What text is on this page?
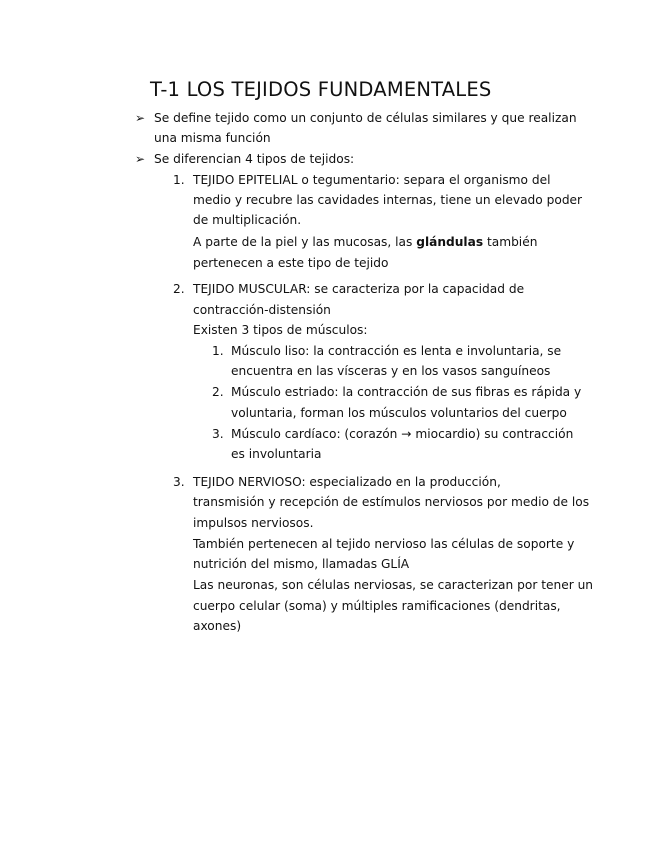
T-1 LOS TEJIDOS FUNDAMENTALES
➢ Se define tejido como un conjunto de células similares y que realizan
una misma función
➢ Se diferencian 4 tipos de tejidos:
1. TEJIDO EPITELIAL o tegumentario: separa el organismo del
medio y recubre las cavidades internas, tiene un elevado poder
de multiplicación.
A parte de la piel y las mucosas, las glándulas también
pertenecen a este tipo de tejido
2. TEJIDO MUSCULAR: se caracteriza por la capacidad de
contracción-distensión
Existen 3 tipos de músculos:
1. Músculo liso: la contracción es lenta e involuntaria, se
encuentra en las vísceras y en los vasos sanguíneos
2. Músculo estriado: la contracción de sus fibras es rápida y
voluntaria, forman los músculos voluntarios del cuerpo
3. Músculo cardíaco: (corazón → miocardio) su contracción
es involuntaria
3. TEJIDO NERVIOSO: especializado en la producción,
transmisión y recepción de estímulos nerviosos por medio de los
impulsos nerviosos.
También pertenecen al tejido nervioso las células de soporte y
nutrición del mismo, llamadas GLÍA
Las neuronas, son células nerviosas, se caracterizan por tener un
cuerpo celular (soma) y múltiples ramificaciones (dendritas,
axones)
